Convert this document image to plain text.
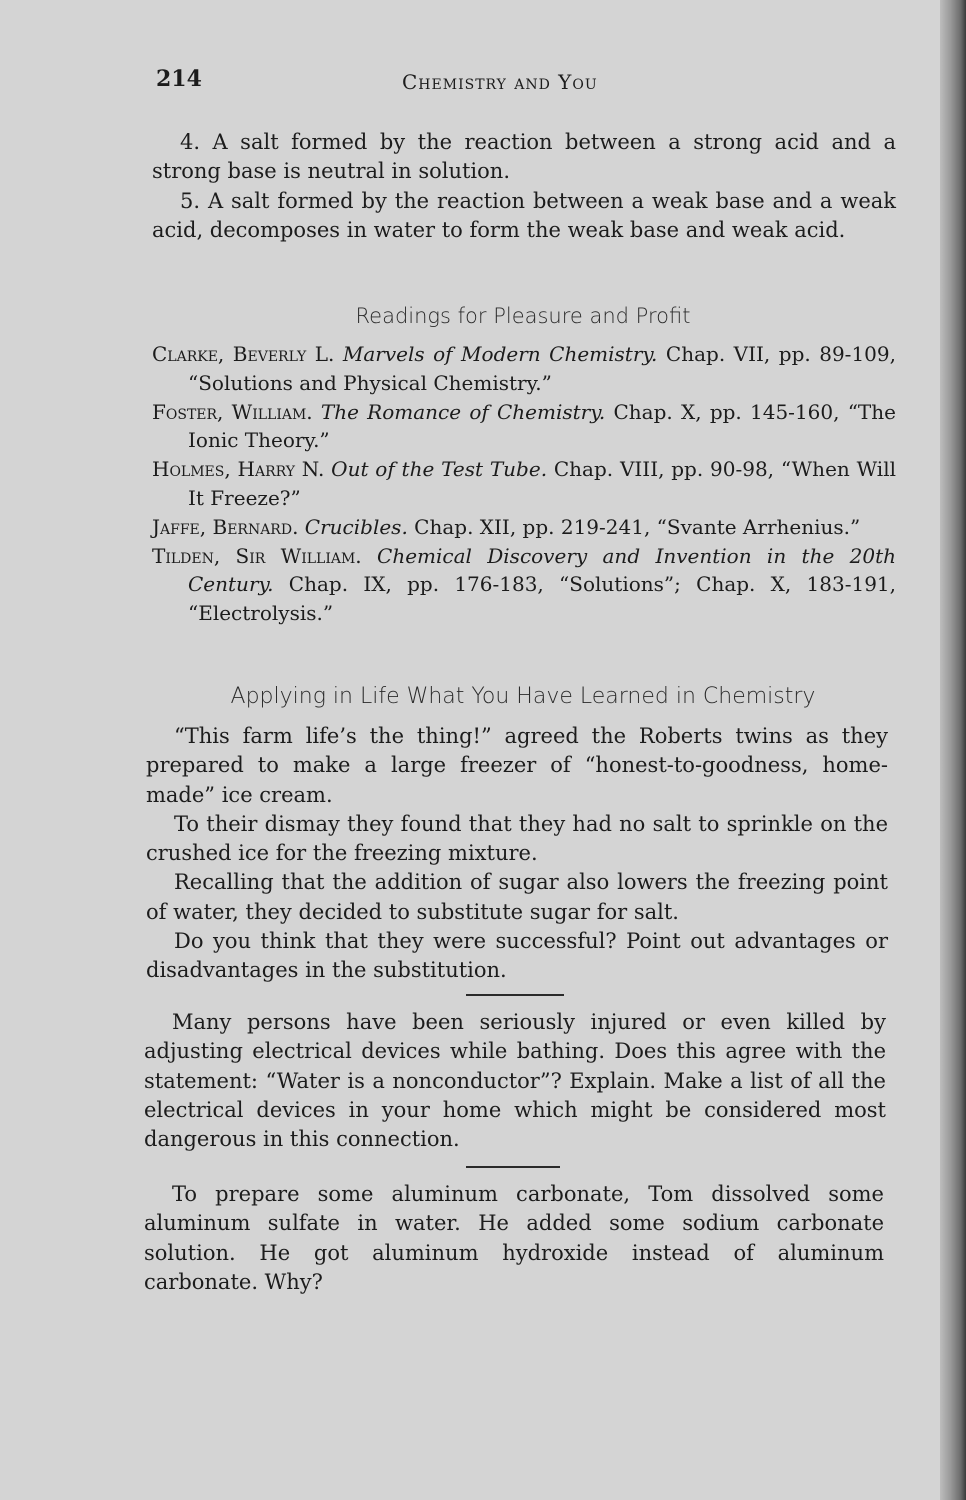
214	Chemistry and You

4. A salt formed by the reaction between a strong acid and a strong base is neutral in solution.

5. A salt formed by the reaction between a weak base and a weak acid, decomposes in water to form the weak base and weak acid.

Readings for Pleasure and Profit

Clarke, Beverly L. Marvels of Modern Chemistry. Chap. VII, pp. 89-109, “Solutions and Physical Chemistry.”

Foster, William. The Romance of Chemistry. Chap. X, pp. 145-160, “The Ionic Theory.”

Holmes, Harry N. Out of the Test Tube. Chap. VIII, pp. 90-98, “When Will It Freeze?”

Jaffe, Bernard. Crucibles. Chap. XII, pp. 219-241, “Svante Arrhenius.”

Tilden, Sir William. Chemical Discovery and Invention in the 20th Century. Chap. IX, pp. 176-183, “Solutions”; Chap. X, 183-191, “Electrolysis.”

Applying in Life What You Have Learned in Chemistry

“This farm life’s the thing!” agreed the Roberts twins as they prepared to make a large freezer of “honest-to-goodness, home-made” ice cream.

To their dismay they found that they had no salt to sprinkle on the crushed ice for the freezing mixture.

Recalling that the addition of sugar also lowers the freezing point of water, they decided to substitute sugar for salt.

Do you think that they were successful? Point out advantages or disadvantages in the substitution.

Many persons have been seriously injured or even killed by adjusting electrical devices while bathing. Does this agree with the statement: “Water is a nonconductor”? Explain. Make a list of all the electrical devices in your home which might be considered most dangerous in this connection.

To prepare some aluminum carbonate, Tom dissolved some aluminum sulfate in water. He added some sodium carbonate solution. He got aluminum hydroxide instead of aluminum carbonate. Why?
